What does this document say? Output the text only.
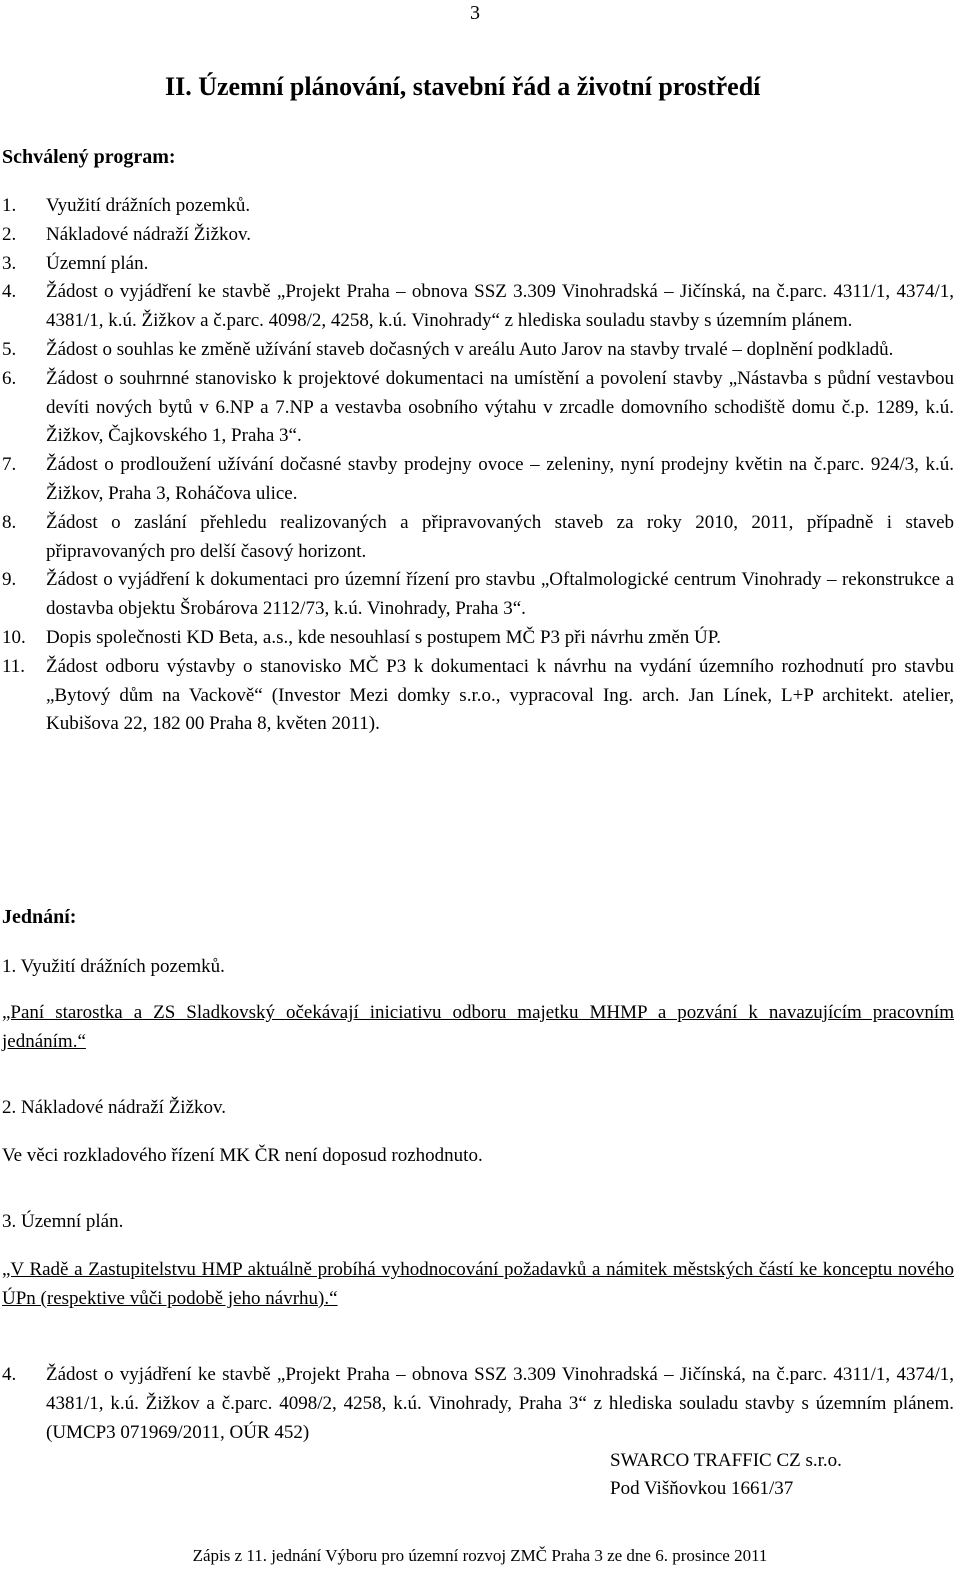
3
II. Územní plánování, stavební řád a životní prostředí
Schválený program:
1. Využití drážních pozemků.
2. Nákladové nádraží Žižkov.
3. Územní plán.
4. Žádost o vyjádření ke stavbě „Projekt Praha – obnova SSZ 3.309 Vinohradská – Jičínská, na č.parc. 4311/1, 4374/1, 4381/1, k.ú. Žižkov a č.parc. 4098/2, 4258, k.ú. Vinohrady“ z hlediska souladu stavby s územním plánem.
5. Žádost o souhlas ke změně užívání staveb dočasných v areálu Auto Jarov na stavby trvalé – doplnění podkladů.
6. Žádost o souhrnné stanovisko k projektové dokumentaci na umístění a povolení stavby „Nástavba s půdní vestavbou devíti nových bytů v 6.NP a 7.NP a vestavba osobního výtahu v zrcadle domovního schodiště domu č.p. 1289, k.ú. Žižkov, Čajkovského 1, Praha 3“.
7. Žádost o prodloužení užívání dočasné stavby prodejny ovoce – zeleniny, nyní prodejny květin na č.parc. 924/3, k.ú. Žižkov, Praha 3, Roháčova ulice.
8. Žádost o zaslání přehledu realizovaných a připravovaných staveb za roky 2010, 2011, případně i staveb připravovaných pro delší časový horizont.
9. Žádost o vyjádření k dokumentaci pro územní řízení pro stavbu „Oftalmologické centrum Vinohrady – rekonstrukce a dostavba objektu Šrobárova 2112/73, k.ú. Vinohrady, Praha 3“.
10. Dopis společnosti KD Beta, a.s., kde nesouhlasí s postupem MČ P3 při návrhu změn ÚP.
11. Žádost odboru výstavby o stanovisko MČ P3 k dokumentaci k návrhu na vydání územního rozhodnutí pro stavbu „Bytový dům na Vackově“ (Investor Mezi domky s.r.o., vypracoval Ing. arch. Jan Línek, L+P architekt. atelier, Kubišova 22, 182 00 Praha 8, květen 2011).
Jednání:
1. Využití drážních pozemků.
„Paní starostka a ZS Sladkovský očekávají iniciativu odboru majetku MHMP a pozvání k navazujícím pracovním jednáním.“
2. Nákladové nádraží Žižkov.
Ve věci rozkladového řízení MK ČR není doposud rozhodnuto.
3. Územní plán.
„V Radě a Zastupitelstvu HMP aktuálně probíhá vyhodnocování požadavků a námitek městských částí ke konceptu nového ÚPn (respektive vůči podobě jeho návrhu).“
4. Žádost o vyjádření ke stavbě „Projekt Praha – obnova SSZ 3.309 Vinohradská – Jičínská, na č.parc. 4311/1, 4374/1, 4381/1, k.ú. Žižkov a č.parc. 4098/2, 4258, k.ú. Vinohrady, Praha 3“ z hlediska souladu stavby s územním plánem. (UMCP3 071969/2011, OÚR 452)
SWARCO TRAFFIC CZ s.r.o.
Pod Višňovkou 1661/37
Zápis z 11. jednání Výboru pro územní rozvoj ZMČ Praha 3 ze dne 6. prosince 2011
